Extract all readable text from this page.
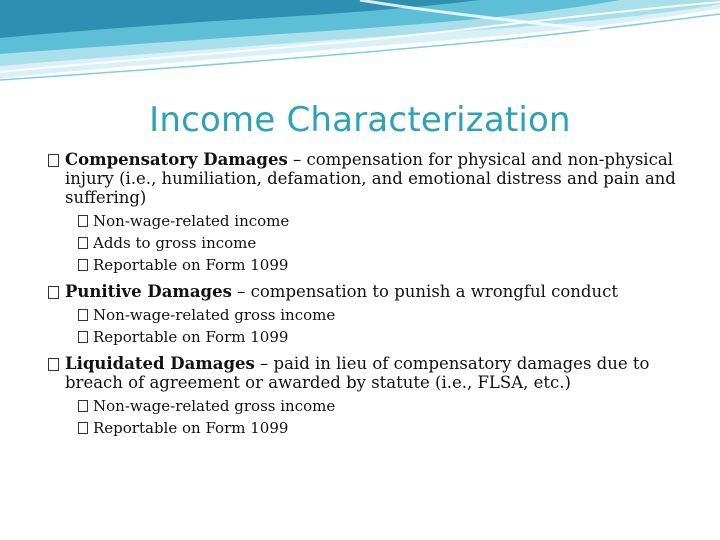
Income Characterization
Compensatory Damages – compensation for physical and non-physical injury (i.e., humiliation, defamation, and emotional distress and pain and suffering)
Non-wage-related income
Adds to gross income
Reportable on Form 1099
Punitive Damages – compensation to punish a wrongful conduct
Non-wage-related gross income
Reportable on Form 1099
Liquidated Damages – paid in lieu of compensatory damages due to breach of agreement or awarded by statute (i.e., FLSA, etc.)
Non-wage-related gross income
Reportable on Form 1099
